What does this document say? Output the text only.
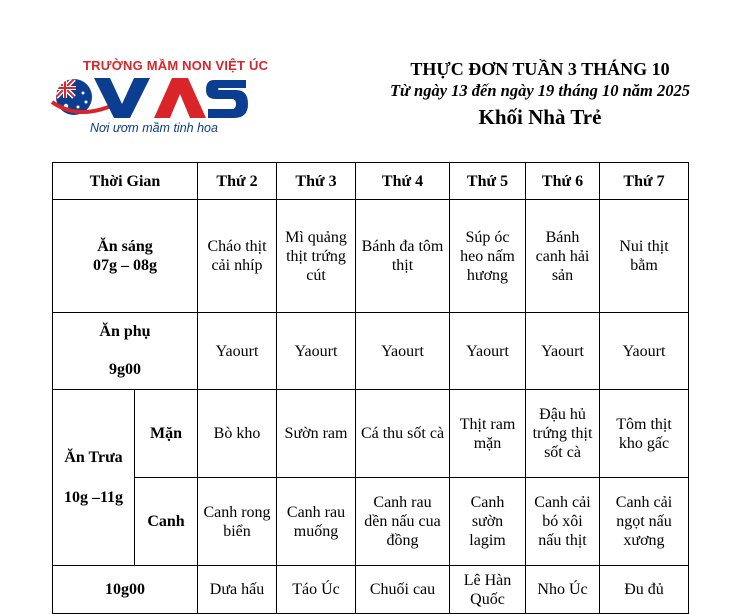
TRƯỜNG MẦM NON VIỆT ÚC
Nơi ươm mầm tinh hoa
THỰC ĐƠN TUẦN 3 THÁNG 10
Từ ngày 13 đến ngày 19 tháng 10 năm 2025
Khối Nhà Trẻ
Thời Gian		Thứ 2	Thứ 3	Thứ 4	Thứ 5	Thứ 6	Thứ 7

Ăn sáng
07g – 08g		Cháo thịt cải nhíp	Mì quảng thịt trứng cút	Bánh đa tôm thịt	Súp óc heo nấm hương	Bánh canh hải sản	Nui thịt bằm

Ăn phụ
9g00		Yaourt	Yaourt	Yaourt	Yaourt	Yaourt	Yaourt

Ăn Trưa
10g –11g	Mặn	Bò kho	Sườn ram	Cá thu sốt cà	Thịt ram mặn	Đậu hủ trứng thịt sốt cà	Tôm thịt kho gấc
	Canh	Canh rong biển	Canh rau muống	Canh rau dền nấu cua đồng	Canh sườn lagim	Canh cải bó xôi nấu thịt	Canh cải ngọt nấu xương
10g00		Dưa hấu	Táo Úc	Chuối cau	Lê Hàn Quốc	Nho Úc	Đu đủ
